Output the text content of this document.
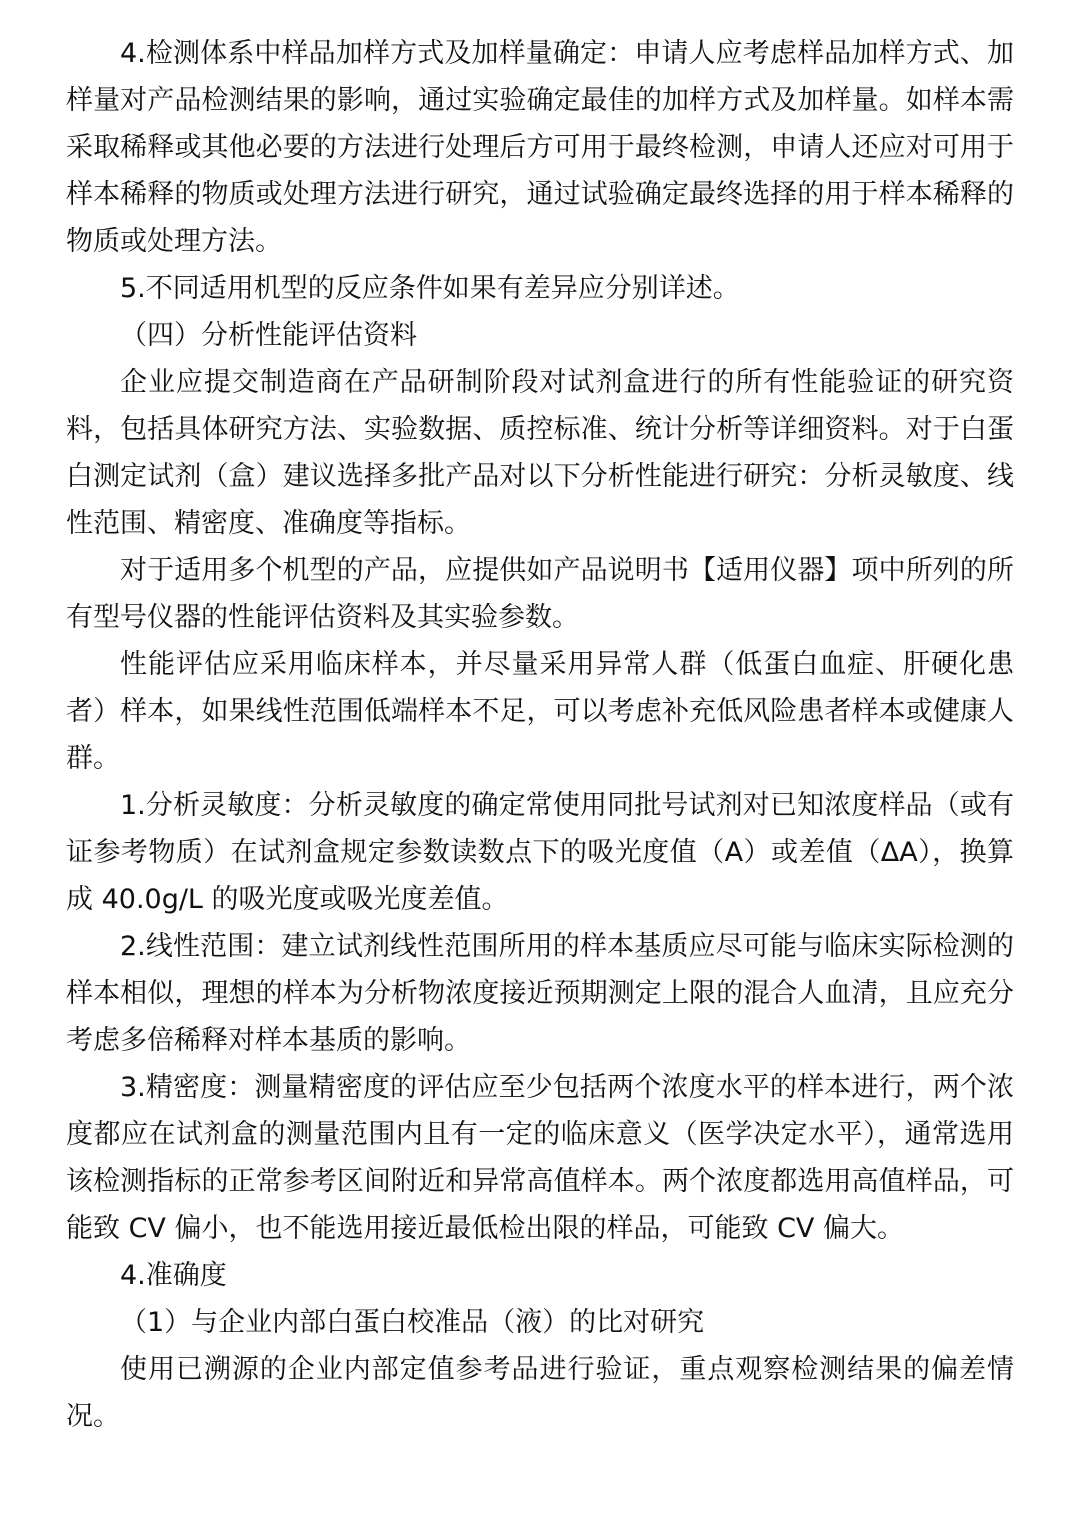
4.检测体系中样品加样方式及加样量确定：申请人应考虑样品加样方式、加样量对产品检测结果的影响，通过实验确定最佳的加样方式及加样量。如样本需采取稀释或其他必要的方法进行处理后方可用于最终检测，申请人还应对可用于样本稀释的物质或处理方法进行研究，通过试验确定最终选择的用于样本稀释的物质或处理方法。

5.不同适用机型的反应条件如果有差异应分别详述。

（四）分析性能评估资料

企业应提交制造商在产品研制阶段对试剂盒进行的所有性能验证的研究资料，包括具体研究方法、实验数据、质控标准、统计分析等详细资料。对于白蛋白测定试剂（盒）建议选择多批产品对以下分析性能进行研究：分析灵敏度、线性范围、精密度、准确度等指标。

对于适用多个机型的产品，应提供如产品说明书【适用仪器】项中所列的所有型号仪器的性能评估资料及其实验参数。

性能评估应采用临床样本，并尽量采用异常人群（低蛋白血症、肝硬化患者）样本，如果线性范围低端样本不足，可以考虑补充低风险患者样本或健康人群。

1.分析灵敏度：分析灵敏度的确定常使用同批号试剂对已知浓度样品（或有证参考物质）在试剂盒规定参数读数点下的吸光度值（A）或差值（ΔA），换算成 40.0g/L 的吸光度或吸光度差值。

2.线性范围：建立试剂线性范围所用的样本基质应尽可能与临床实际检测的样本相似，理想的样本为分析物浓度接近预期测定上限的混合人血清，且应充分考虑多倍稀释对样本基质的影响。

3.精密度：测量精密度的评估应至少包括两个浓度水平的样本进行，两个浓度都应在试剂盒的测量范围内且有一定的临床意义（医学决定水平），通常选用该检测指标的正常参考区间附近和异常高值样本。两个浓度都选用高值样品，可能致 CV 偏小，也不能选用接近最低检出限的样品，可能致 CV 偏大。

4.准确度

（1）与企业内部白蛋白校准品（液）的比对研究

使用已溯源的企业内部定值参考品进行验证，重点观察检测结果的偏差情况。
